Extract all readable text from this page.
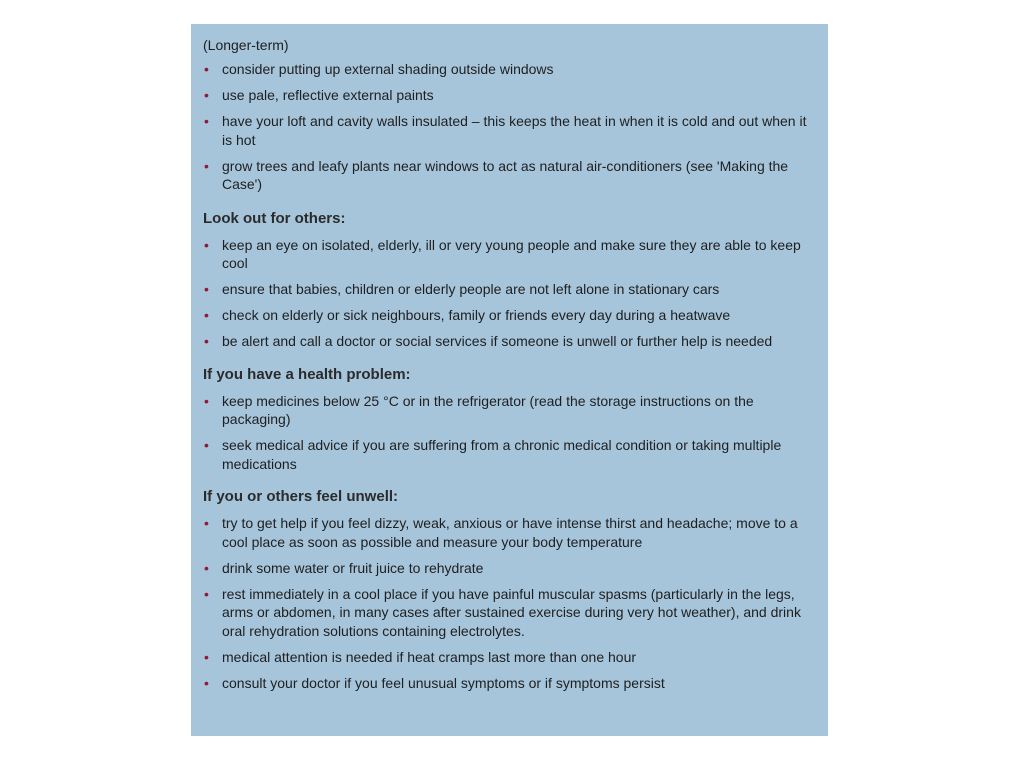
(Longer-term)

• consider putting up external shading outside windows
• use pale, reflective external paints
• have your loft and cavity walls insulated – this keeps the heat in when it is cold and out when it is hot
• grow trees and leafy plants near windows to act as natural air-conditioners (see 'Making the Case')

Look out for others:

• keep an eye on isolated, elderly, ill or very young people and make sure they are able to keep cool
• ensure that babies, children or elderly people are not left alone in stationary cars
• check on elderly or sick neighbours, family or friends every day during a heatwave
• be alert and call a doctor or social services if someone is unwell or further help is needed

If you have a health problem:

• keep medicines below 25 °C or in the refrigerator (read the storage instructions on the packaging)
• seek medical advice if you are suffering from a chronic medical condition or taking multiple medications

If you or others feel unwell:

• try to get help if you feel dizzy, weak, anxious or have intense thirst and headache; move to a cool place as soon as possible and measure your body temperature
• drink some water or fruit juice to rehydrate
• rest immediately in a cool place if you have painful muscular spasms (particularly in the legs, arms or abdomen, in many cases after sustained exercise during very hot weather), and drink oral rehydration solutions containing electrolytes.
• medical attention is needed if heat cramps last more than one hour
• consult your doctor if you feel unusual symptoms or if symptoms persist
